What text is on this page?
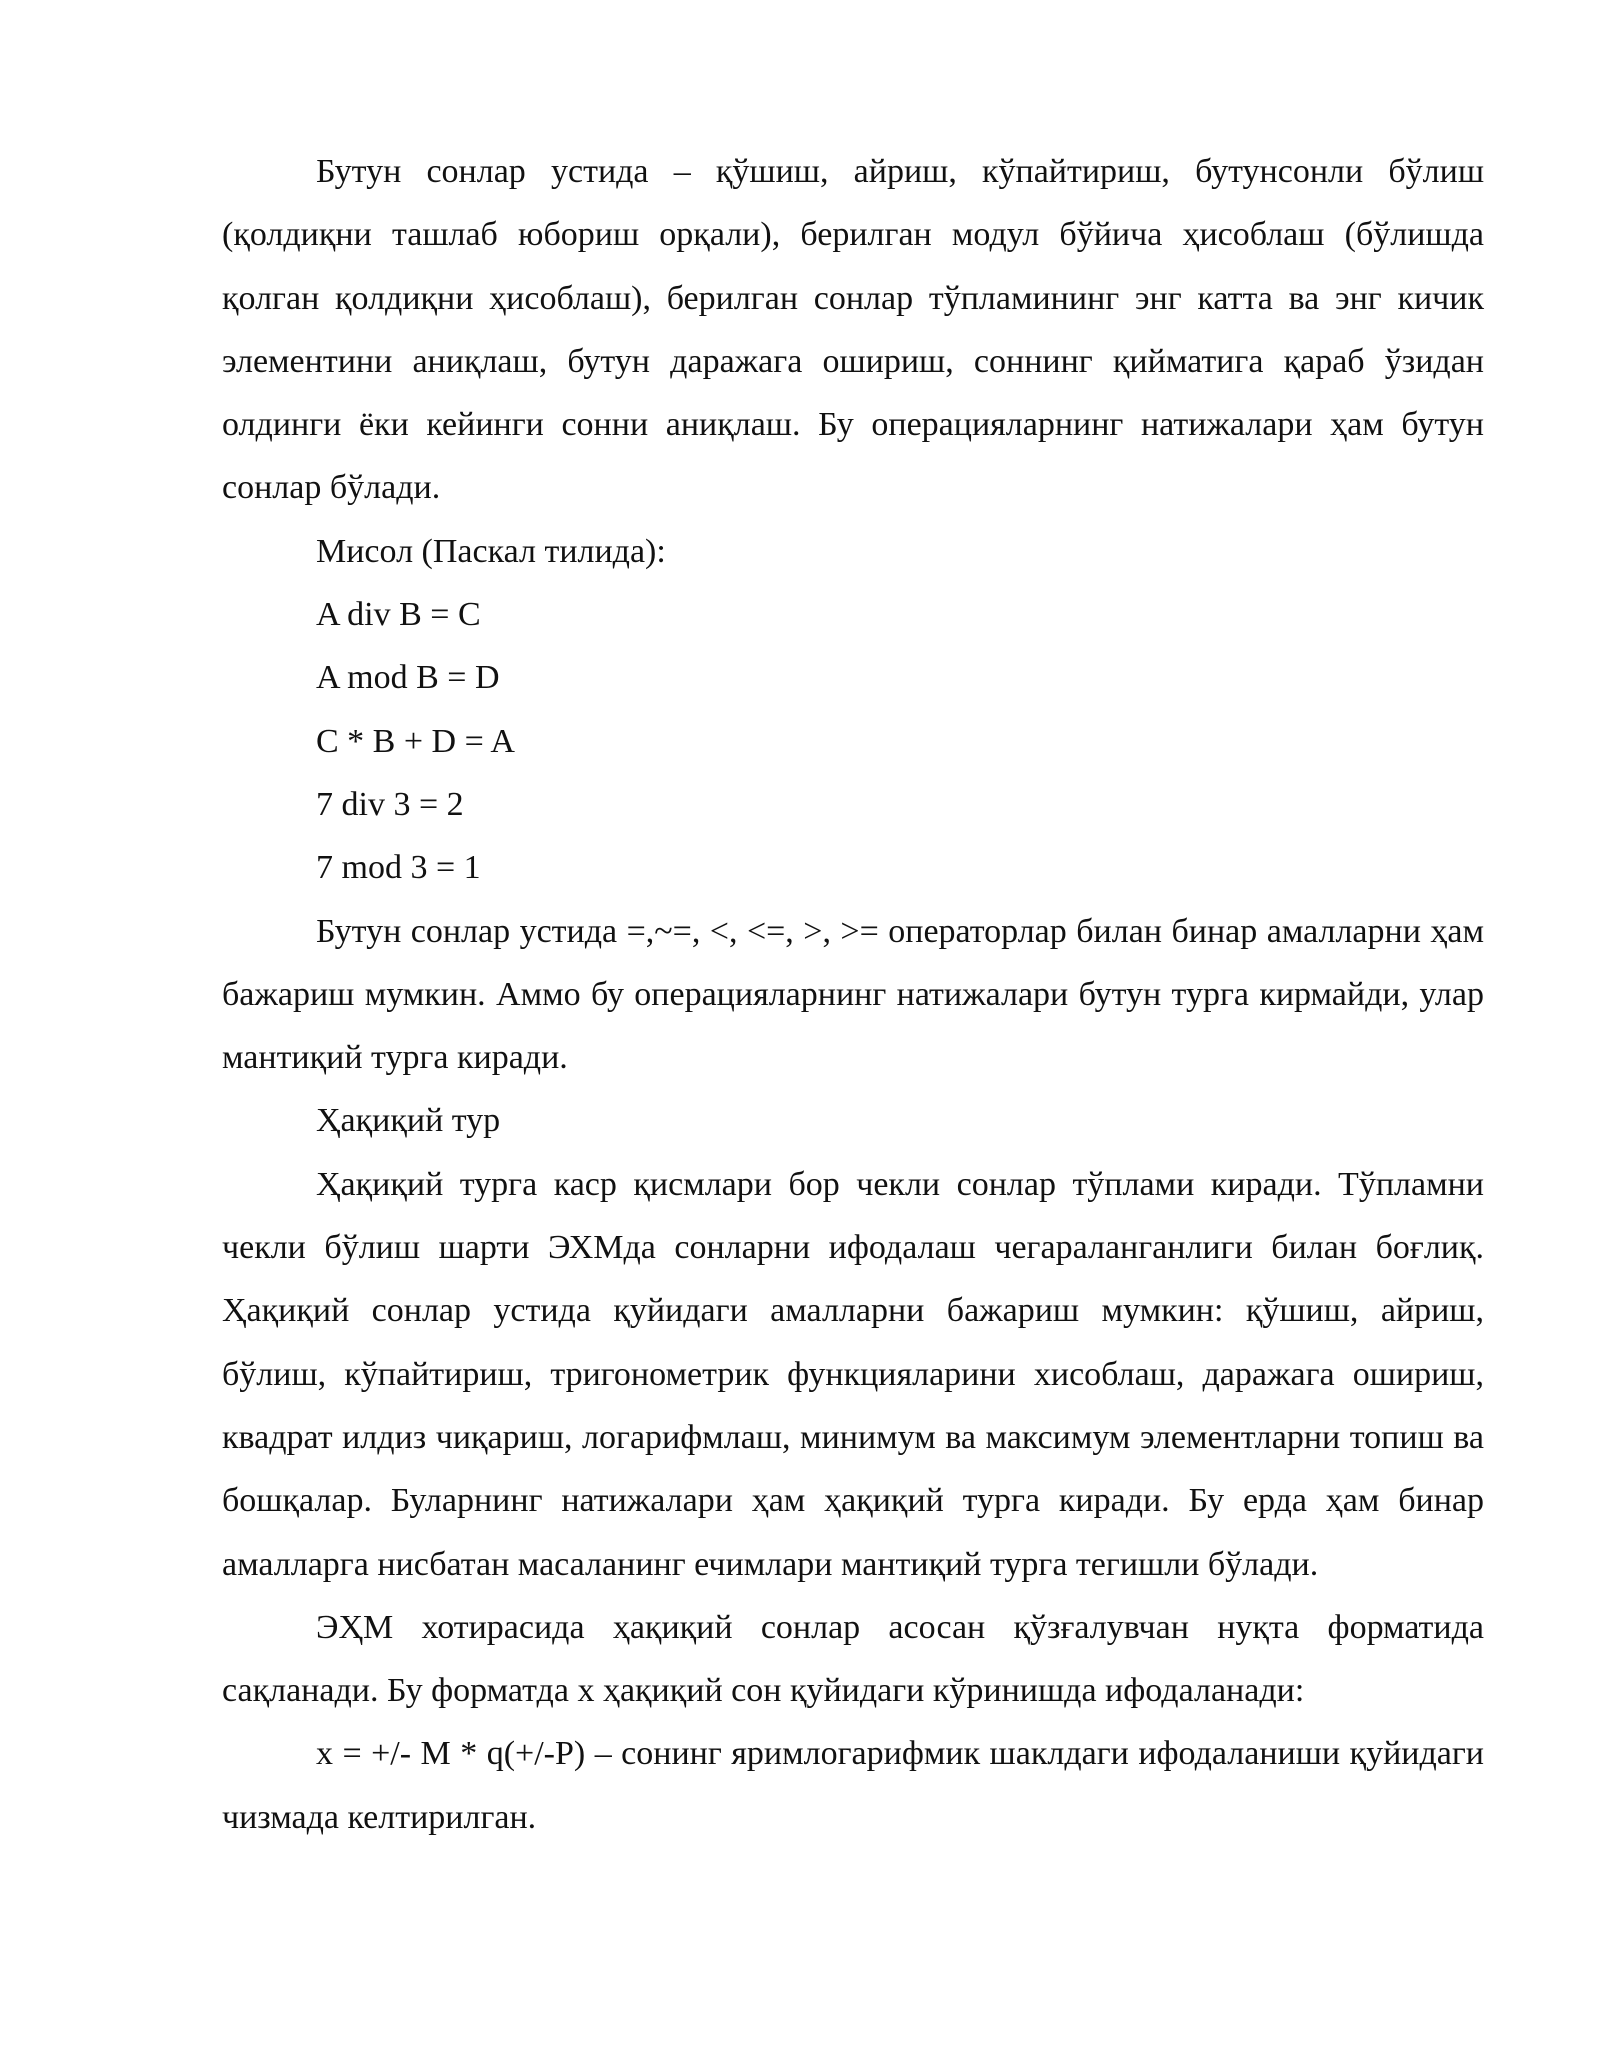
Бутун сонлар устида – қўшиш, айриш, кўпайтириш, бутунсонли бўлиш (қолдиқни ташлаб юбориш орқали), берилган модул бўйича ҳисоблаш (бўлишда қолган қолдиқни ҳисоблаш), берилган сонлар тўпламининг энг катта ва энг кичик элементини аниқлаш, бутун даражага ошириш, соннинг қийматига қараб ўзидан олдинги ёки кейинги сонни аниқлаш. Бу операцияларнинг натижалари ҳам бутун сонлар бўлади.

Мисол (Паскал тилида):

A div B = C

A mod B = D

C * B + D = A

7 div 3 = 2

7 mod 3 = 1

Бутун сонлар устида =,~=, <, <=, >, >= операторлар билан бинар амалларни ҳам бажариш мумкин. Аммо бу операцияларнинг натижалари бутун турга кирмайди, улар мантиқий турга киради.

Ҳақиқий тур

Ҳақиқий турга каср қисмлари бор чекли сонлар тўплами киради. Тўпламни чекли бўлиш шарти ЭХМда сонларни ифодалаш чегараланганлиги билан боғлиқ. Ҳақиқий сонлар устида қуйидаги амалларни бажариш мумкин: қўшиш, айриш, бўлиш, кўпайтириш, тригонометрик функцияларини хисоблаш, даражага ошириш, квадрат илдиз чиқариш, логарифмлаш, минимум ва максимум элементларни топиш ва бошқалар. Буларнинг натижалари ҳам ҳақиқий турга киради. Бу ерда ҳам бинар амалларга нисбатан масаланинг ечимлари мантиқий турга тегишли бўлади.

ЭҲМ хотирасида ҳақиқий сонлар асосан қўзғалувчан нуқта форматида сақланади. Бу форматда х ҳақиқий сон қуйидаги кўринишда ифодаланади:

x = +/- M * q(+/-P) – сонинг яримлогарифмик шаклдаги ифодаланиши қуйидаги чизмада келтирилган.
